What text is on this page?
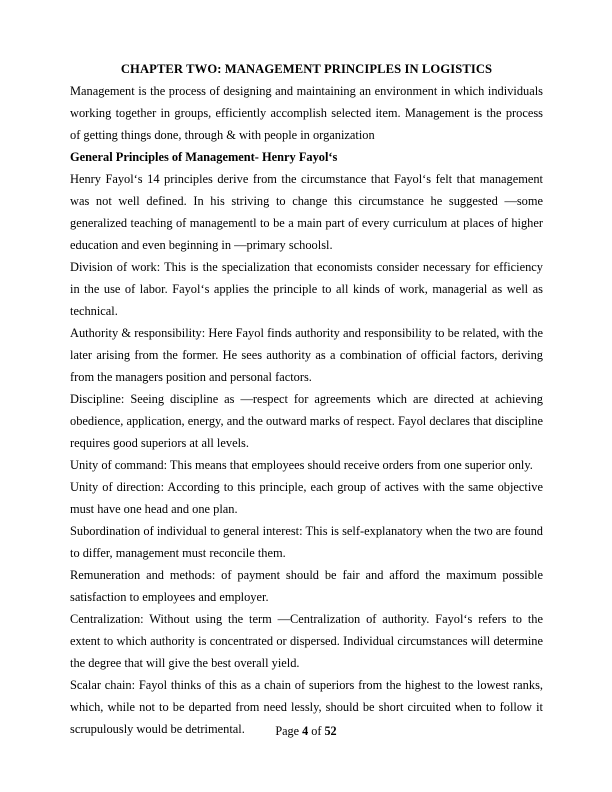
CHAPTER TWO: MANAGEMENT PRINCIPLES IN LOGISTICS

Management is the process of designing and maintaining an environment in which individuals working together in groups, efficiently accomplish selected item. Management is the process of getting things done, through & with people in organization

General Principles of Management- Henry Fayol‘s

Henry Fayol‘s 14 principles derive from the circumstance that Fayol‘s felt that management was not well defined. In his striving to change this circumstance he suggested —some generalized teaching of managementl to be a main part of every curriculum at places of higher education and even beginning in —primary schoolsl.

Division of work: This is the specialization that economists consider necessary for efficiency in the use of labor. Fayol‘s applies the principle to all kinds of work, managerial as well as technical.

Authority & responsibility: Here Fayol finds authority and responsibility to be related, with the later arising from the former. He sees authority as a combination of official factors, deriving from the managers position and personal factors.

Discipline: Seeing discipline as —respect for agreements which are directed at achieving obedience, application, energy, and the outward marks of respect. Fayol declares that discipline requires good superiors at all levels.

Unity of command: This means that employees should receive orders from one superior only.

Unity of direction: According to this principle, each group of actives with the same objective must have one head and one plan.

Subordination of individual to general interest: This is self-explanatory when the two are found to differ, management must reconcile them.

Remuneration and methods: of payment should be fair and afford the maximum possible satisfaction to employees and employer.

Centralization: Without using the term —Centralization of authority. Fayol‘s refers to the extent to which authority is concentrated or dispersed. Individual circumstances will determine the degree that will give the best overall yield.

Scalar chain: Fayol thinks of this as a chain of superiors from the highest to the lowest ranks, which, while not to be departed from need lessly, should be short circuited when to follow it scrupulously would be detrimental.	Page 4 of 52
